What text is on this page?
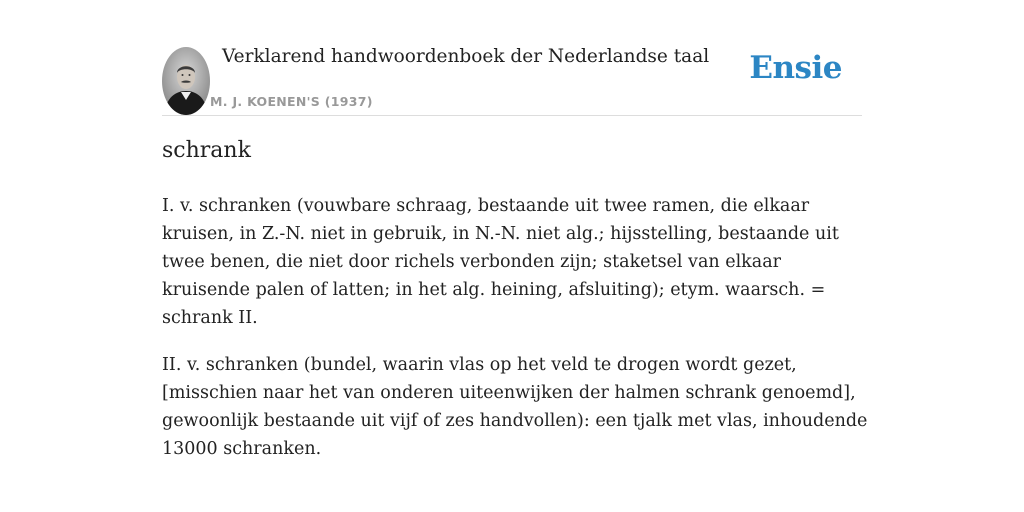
Verklarend handwoordenboek der Nederlandse taal
M. J. KOENEN'S (1937)
Ensie
schrank

I. v. schranken (vouwbare schraag, bestaande uit twee ramen, die elkaar kruisen, in Z.-N. niet in gebruik, in N.-N. niet alg.; hijsstelling, bestaande uit twee benen, die niet door richels verbonden zijn; staketsel van elkaar kruisende palen of latten; in het alg. heining, afsluiting); etym. waarsch. = schrank II.

II. v. schranken (bundel, waarin vlas op het veld te drogen wordt gezet, [misschien naar het van onderen uiteenwijken der halmen schrank genoemd], gewoonlijk bestaande uit vijf of zes handvollen): een tjalk met vlas, inhoudende 13000 schranken.
